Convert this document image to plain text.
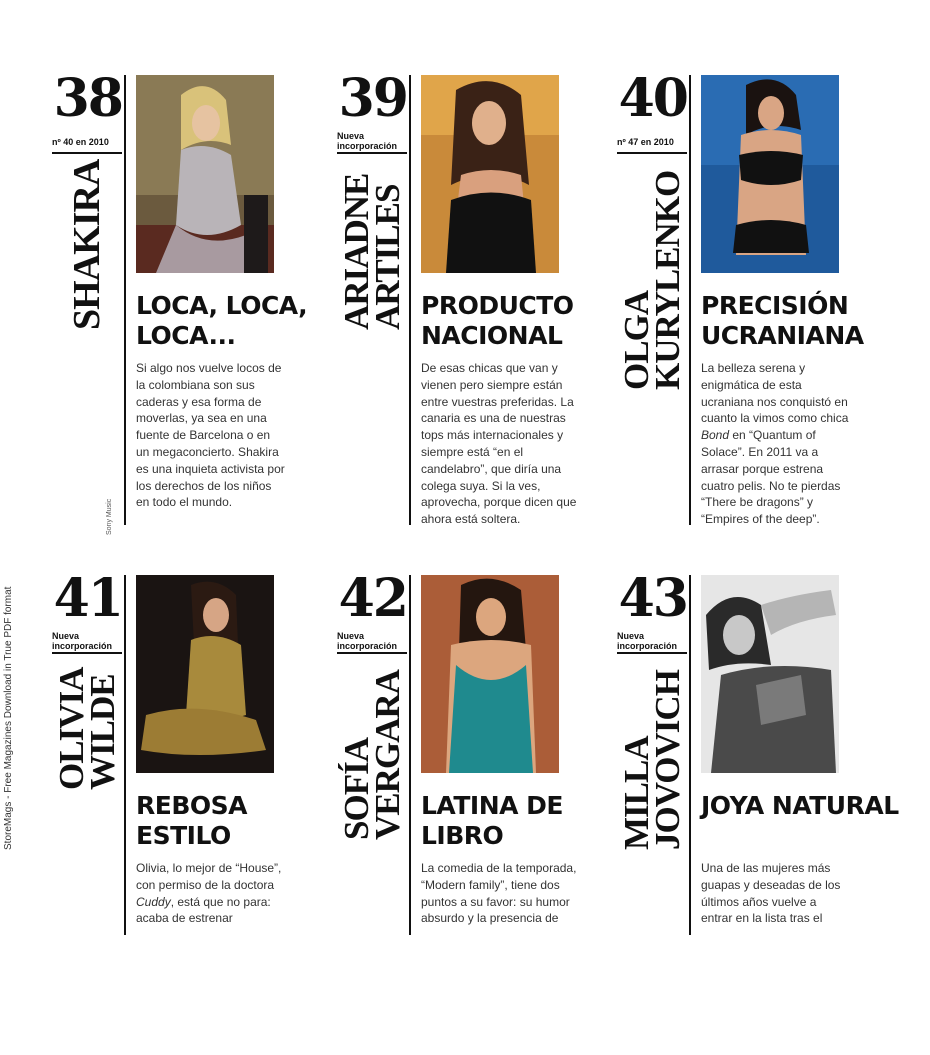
StoreMags - Free Magazines Download in True PDF format
38
nº 40 en 2010
SHAKIRA LOCA, LOCA, LOCA...
Si algo nos vuelve locos de la colombiana son sus caderas y esa forma de moverlas, ya sea en una fuente de Barcelona o en un megaconcierto. Shakira es una inquieta activista por los derechos de los niños en todo el mundo.
Sony Music
39
Nueva incorporación
ARIADNE
ARTILES PRODUCTO NACIONAL
De esas chicas que van y vienen pero siempre están entre vuestras preferidas. La canaria es una de nuestras tops más internacionales y siempre está “en el candelabro”, que diría una colega suya. Si la ves, aprovecha, porque dicen que ahora está soltera.
40
nº 47 en 2010
OLGA
KURYLENKO PRECISIÓN UCRANIANA
La belleza serena y enigmática de esta ucraniana nos conquistó en cuanto la vimos como chica Bond en “Quantum of Solace”. En 2011 va a arrasar porque estrena cuatro pelis. No te pierdas “There be dragons” y “Empires of the deep”.
41
Nueva incorporación
OLIVIA
WILDE
REBOSA ESTILO
Olivia, lo mejor de “House”, con permiso de la doctora Cuddy, está que no para: acaba de estrenar
42
Nueva incorporación
SOFÍA
VERGARA LATINA DE LIBRO
La comedia de la temporada, “Modern family”, tiene dos puntos a su favor: su humor absurdo y la presencia de
43
Nueva incorporación
MILLA
JOVOVICH JOYA NATURAL
Una de las mujeres más guapas y deseadas de los últimos años vuelve a entrar en la lista tras el
